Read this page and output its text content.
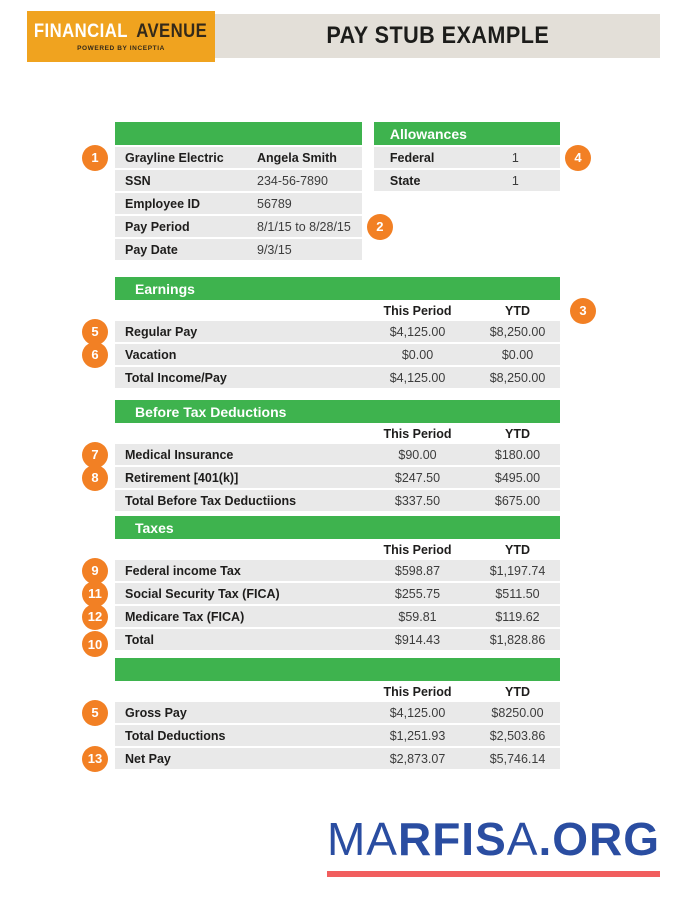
PAY STUB EXAMPLE
FINANCIAL AVENUE
POWERED BY INCEPTIA
1	Grayline Electric	Angela Smith
SSN	234-56-7890
Employee ID	56789
2
Pay Period	8/1/15 to 8/28/15
Pay Date	9/3/15
Allowances
4
Federal	1
State	1
Earnings
3
This Period	YTD
5	Regular Pay	$4,125.00	$8,250.00
6	Vacation	$0.00	$0.00
Total Income/Pay	$4,125.00	$8,250.00
Before Tax Deductions
This Period	YTD
7	Medical Insurance	$90.00	$180.00
8	Retirement [401(k)]	$247.50	$495.00
Total Before Tax Deductiions	$337.50	$675.00
Taxes
This Period	YTD
9	Federal income Tax	$598.87	$1,197.74
11	Social Security Tax (FICA)	$255.75	$511.50
12	Medicare Tax (FICA)	$59.81	$119.62
10	Total	$914.43	$1,828.86
This Period	YTD
5	Gross Pay	$4,125.00	$8250.00
Total Deductions	$1,251.93	$2,503.86
13	Net Pay	$2,873.07	$5,746.14
MARFISA.ORG
